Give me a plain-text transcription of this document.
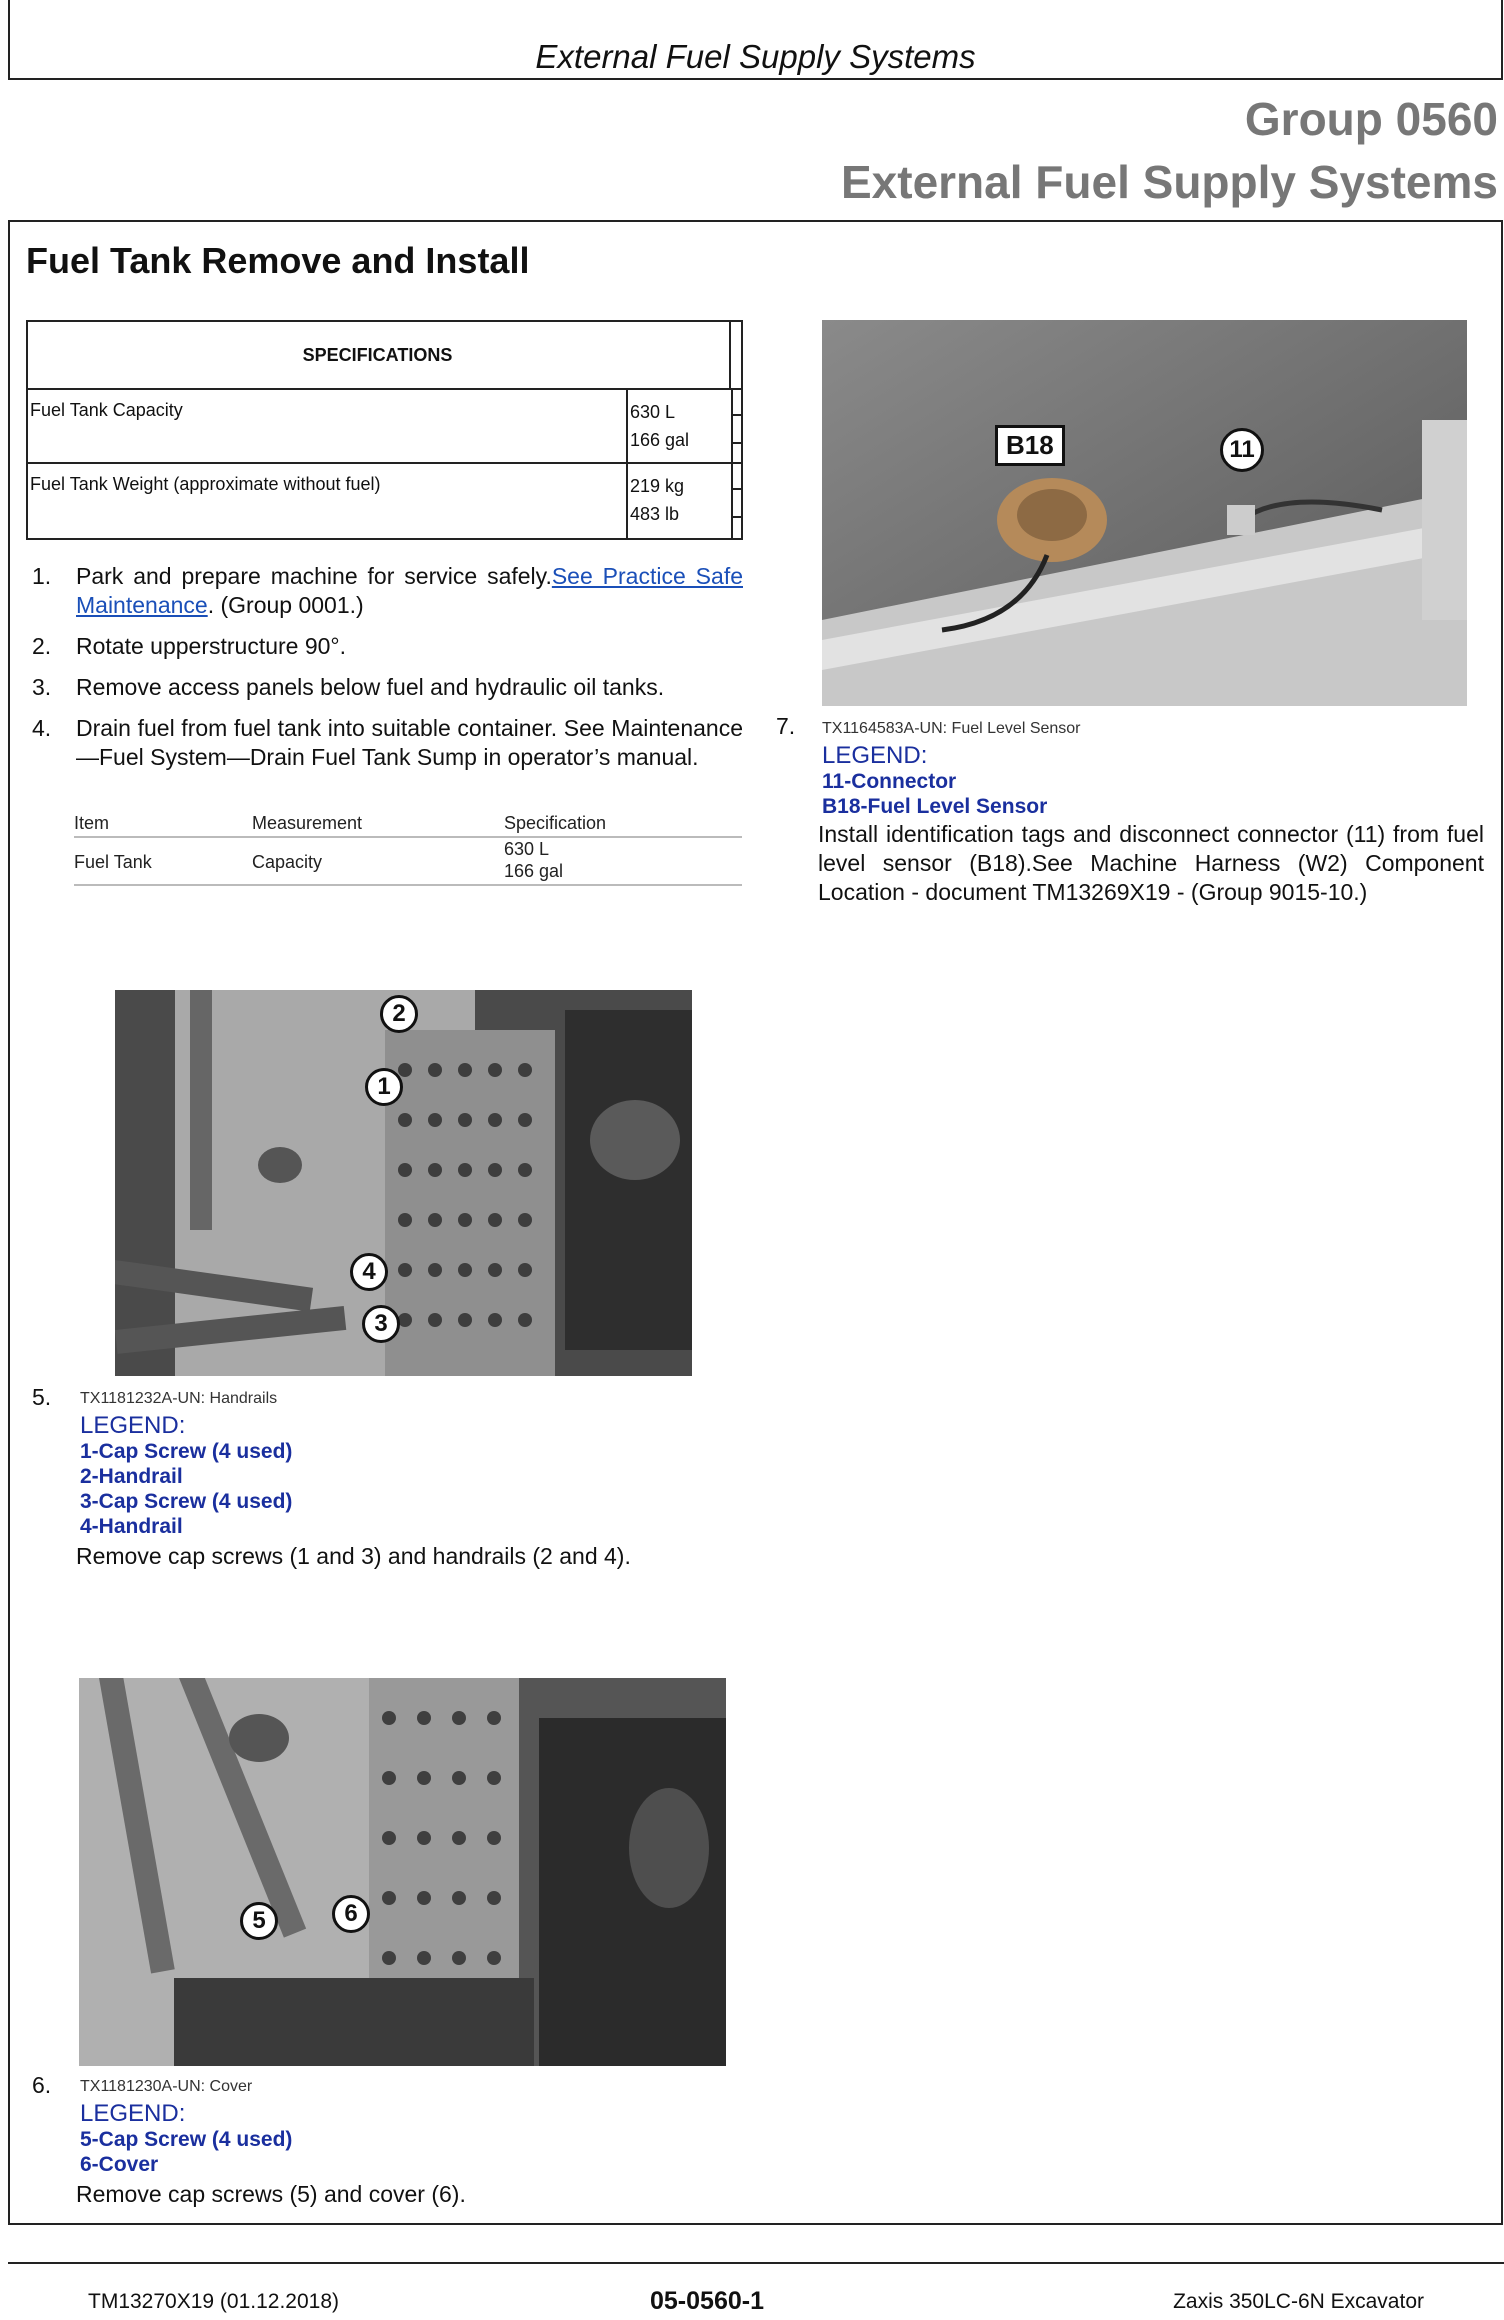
External Fuel Supply Systems
Group 0560
External Fuel Supply Systems
Fuel Tank Remove and Install
SPECIFICATIONS
Fuel Tank Capacity	630 L
166 gal
Fuel Tank Weight (approximate without fuel)	219 kg
483 lb
1. Park and prepare machine for service safely.See Practice Safe Maintenance. (Group 0001.)
2. Rotate upperstructure 90°.
3. Remove access panels below fuel and hydraulic oil tanks.
4. Drain fuel from fuel tank into suitable container. See Maintenance—Fuel System—Drain Fuel Tank Sump in operator’s manual.
Item	Measurement	Specification
Fuel Tank	Capacity
630 L
166 gal
B18	11
7. TX1164583A-UN: Fuel Level Sensor
LEGEND:
11-Connector
B18-Fuel Level Sensor
Install identification tags and disconnect connector (11) from fuel level sensor (B18).See Machine Harness (W2) Component Location - document TM13269X19 - (Group 9015-10.)
2
1
4
3
5. TX1181232A-UN: Handrails
LEGEND:
1-Cap Screw (4 used)
2-Handrail
3-Cap Screw (4 used)
4-Handrail
Remove cap screws (1 and 3) and handrails (2 and 4).
5	6
6. TX1181230A-UN: Cover
LEGEND:
5-Cap Screw (4 used)
6-Cover
Remove cap screws (5) and cover (6).
TM13270X19 (01.12.2018)	05-0560-1	Zaxis 350LC-6N Excavator
